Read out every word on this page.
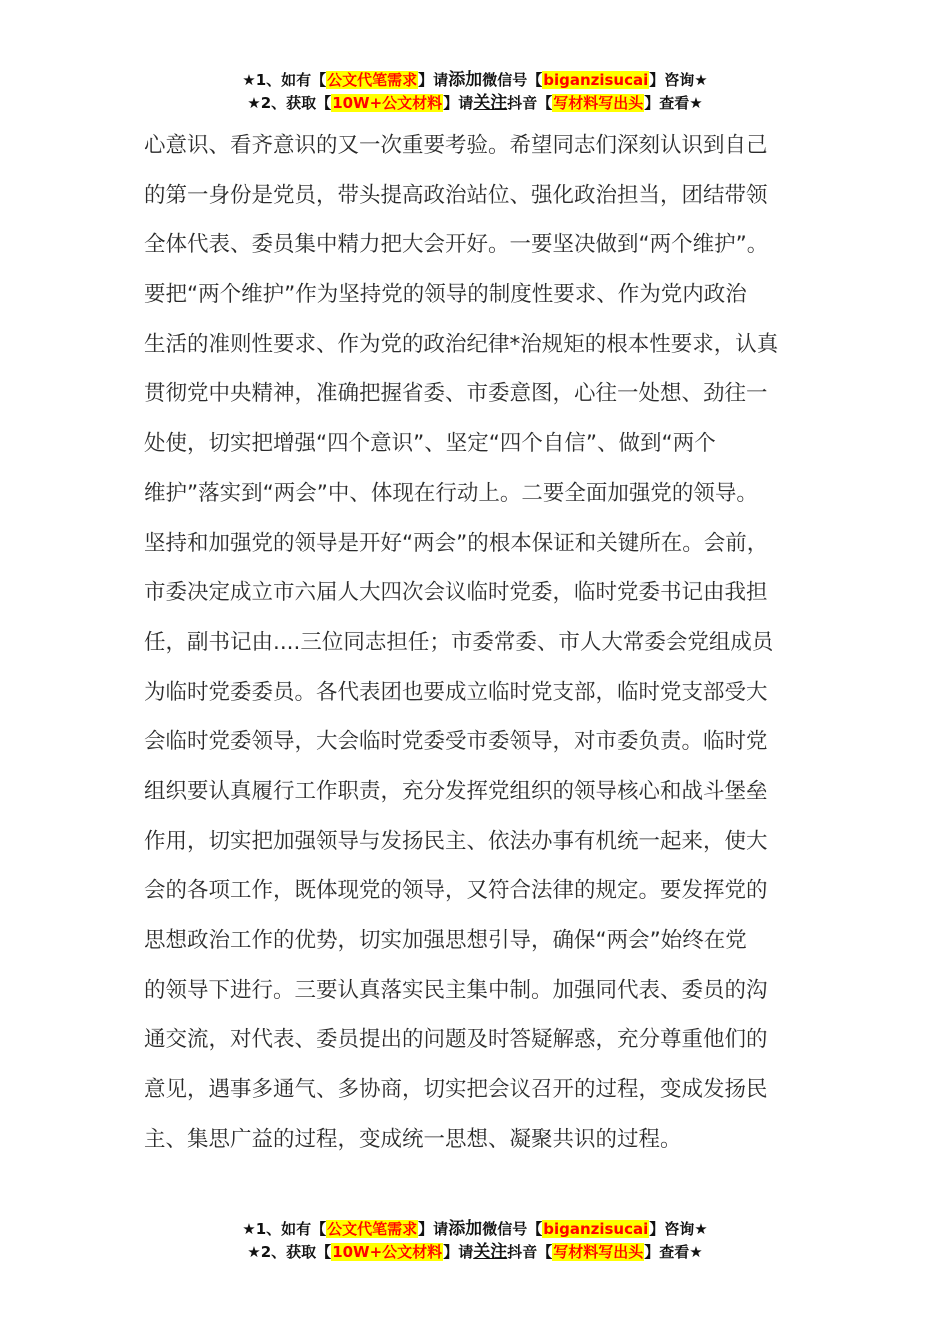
★1、如有【公文代笔需求】请添加微信号【biganzisucai】咨询★
★2、获取【10W+公文材料】请关注抖音【写材料写出头】查看★
心意识、看齐意识的又一次重要考验。希望同志们深刻认识到自己
的第一身份是党员，带头提高政治站位、强化政治担当，团结带领
全体代表、委员集中精力把大会开好。一要坚决做到“两个维护”。
要把“两个维护”作为坚持党的领导的制度性要求、作为党内政治
生活的准则性要求、作为党的政治纪律*治规矩的根本性要求，认真
贯彻党中央精神，准确把握省委、市委意图，心往一处想、劲往一
处使，切实把增强“四个意识”、坚定“四个自信”、做到“两个
维护”落实到“两会”中、体现在行动上。二要全面加强党的领导。
坚持和加强党的领导是开好“两会”的根本保证和关键所在。会前，
市委决定成立市六届人大四次会议临时党委，临时党委书记由我担
任，副书记由....三位同志担任；市委常委、市人大常委会党组成员
为临时党委委员。各代表团也要成立临时党支部，临时党支部受大
会临时党委领导，大会临时党委受市委领导，对市委负责。临时党
组织要认真履行工作职责，充分发挥党组织的领导核心和战斗堡垒
作用，切实把加强领导与发扬民主、依法办事有机统一起来，使大
会的各项工作，既体现党的领导，又符合法律的规定。要发挥党的
思想政治工作的优势，切实加强思想引导，确保“两会”始终在党
的领导下进行。三要认真落实民主集中制。加强同代表、委员的沟
通交流，对代表、委员提出的问题及时答疑解惑，充分尊重他们的
意见，遇事多通气、多协商，切实把会议召开的过程，变成发扬民
主、集思广益的过程，变成统一思想、凝聚共识的过程。
★1、如有【公文代笔需求】请添加微信号【biganzisucai】咨询★
★2、获取【10W+公文材料】请关注抖音【写材料写出头】查看★
